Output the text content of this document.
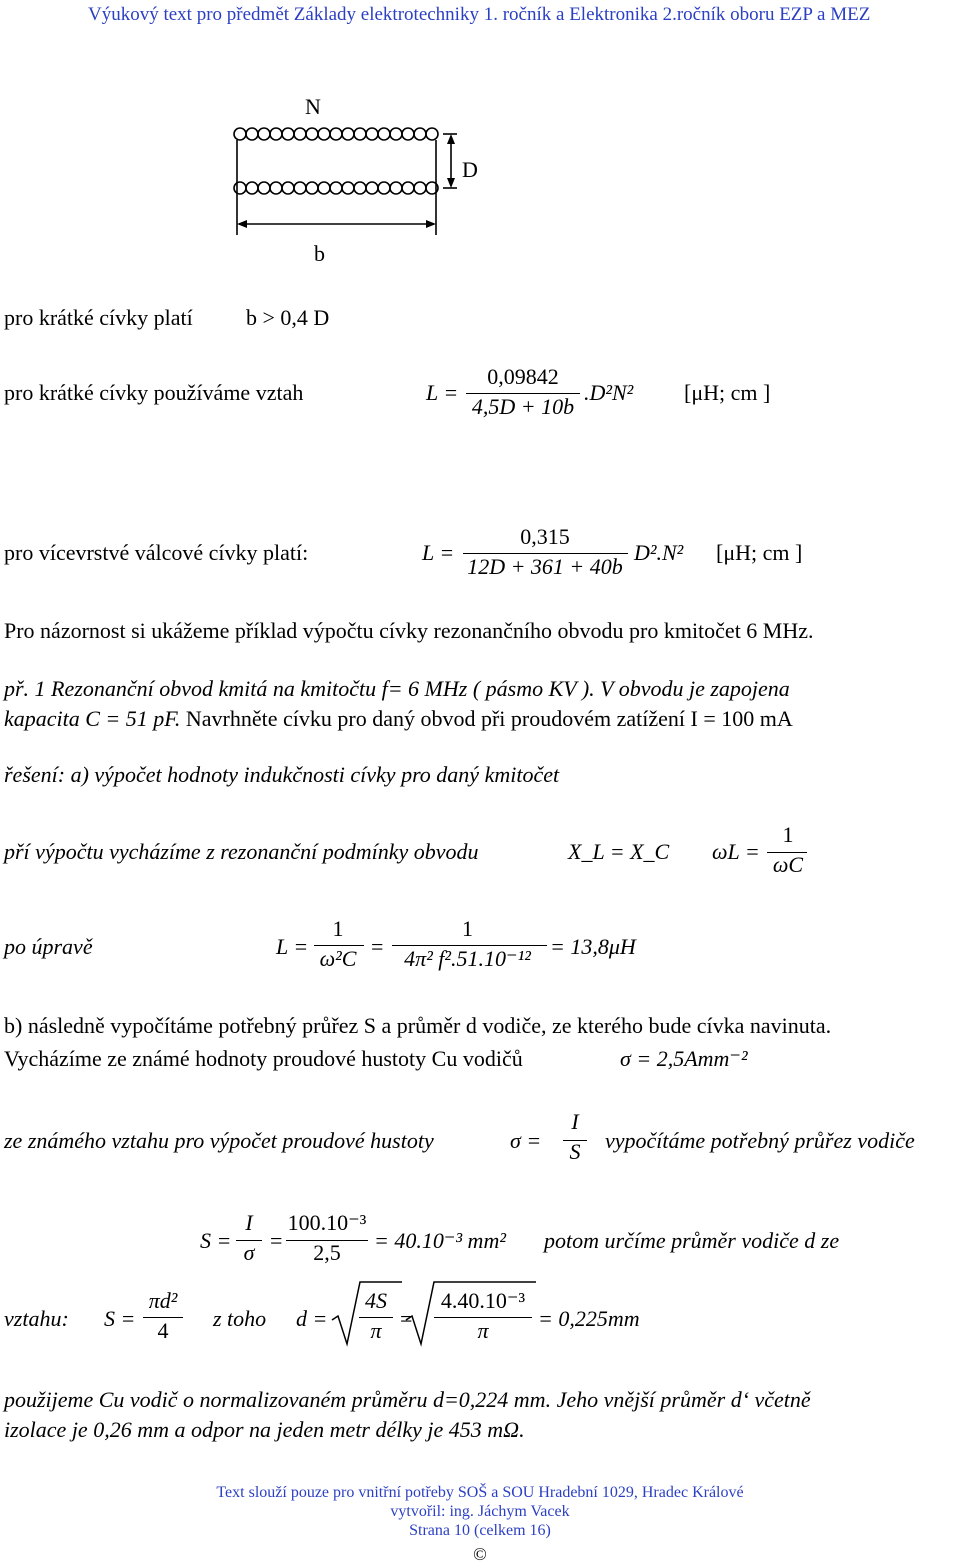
Výukový text pro předmět Základy elektrotechniky 1. ročník a Elektronika 2.ročník oboru EZP a MEZ
N
D
b
pro krátké cívky platí b > 0,4 D
pro krátké cívky používáme vztah	L =
0,09842
4,5D + 10b
.D²N² [μH; cm ]
pro vícevrstvé válcové cívky platí:	L =
0,315
12D + 361 + 40b
D².N² [μH; cm ]
Pro názornost si ukážeme příklad výpočtu cívky rezonančního obvodu pro kmitočet 6 MHz.
př. 1 Rezonanční obvod kmitá na kmitočtu f= 6 MHz ( pásmo KV ). V obvodu je zapojena
kapacita C = 51 pF. Navrhněte cívku pro daný obvod při proudovém zatížení I = 100 mA
řešení: a) výpočet hodnoty indukčnosti cívky pro daný kmitočet
pří výpočtu vycházíme z rezonanční podmínky obvodu	X_L = X_C ωL =
1
ωC
po úpravě	L =
1
ω²C =
1
4π² f².51.10⁻¹² = 13,8μH
b) následně vypočítáme potřebný průřez S a průměr d vodiče, ze kterého bude cívka navinuta.
Vycházíme ze známé hodnoty proudové hustoty Cu vodičů	σ = 2,5Amm⁻²
ze známého vztahu pro výpočet proudové hustoty	σ =
I
S	vypočítáme potřebný průřez vodiče
S =
I
σ =
100.10⁻³
2,5	= 40.10⁻³ mm² potom určíme průměr vodiče d ze
vztahu: S =
πd²
4	z toho d =
4S
π =
4.40.10⁻³
π	= 0,225mm
použijeme Cu vodič o normalizovaném průměru d=0,224 mm. Jeho vnější průměr d‘ včetně
izolace je 0,26 mm a odpor na jeden metr délky je 453 mΩ.
Text slouží pouze pro vnitřní potřeby SOŠ a SOU Hradební 1029, Hradec Králové
vytvořil: ing. Jáchym Vacek
Strana 10 (celkem 16)
©
